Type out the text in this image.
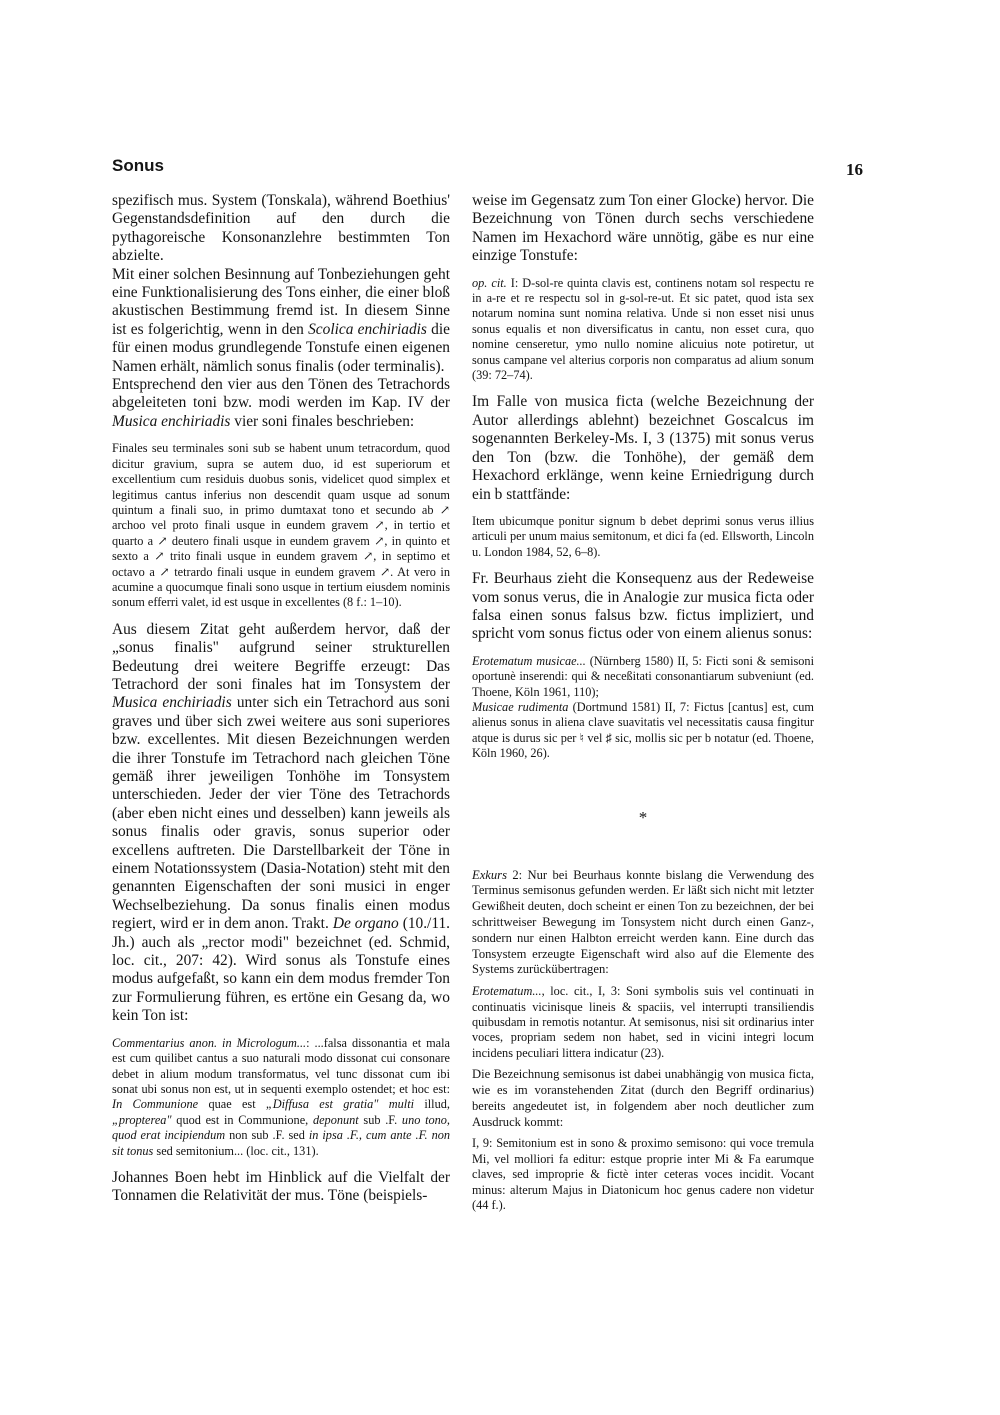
Sonus	16

spezifisch mus. System (Tonskala), während Boethius' Gegenstandsdefinition auf den durch die pythagoreische Konsonanzlehre bestimmten Ton abzielte.

Mit einer solchen Besinnung auf Tonbeziehungen geht eine Funktionalisierung des Tons einher, die einer bloß akustischen Bestimmung fremd ist. In diesem Sinne ist es folgerichtig, wenn in den Scolica enchiriadis die für einen modus grundlegende Tonstufe einen eigenen Namen erhält, nämlich sonus finalis (oder terminalis).

Entsprechend den vier aus den Tönen des Tetrachords abgeleiteten toni bzw. modi werden im Kap. IV der Musica enchiriadis vier soni finales beschrieben:

Finales seu terminales soni sub se habent unum tetracordum, quod dicitur gravium, supra se autem duo, id est superiorum et excellentium cum residuis duobus sonis, videlicet quod simplex et legitimus cantus inferius non descendit quam usque ad sonum quintum a finali suo, in primo dumtaxat tono et secundo ab ↗ archoo vel proto finali usque in eundem gravem ↗, in tertio et quarto a ↗ deutero finali usque in eundem gravem ↗, in quinto et sexto a ↗ trito finali usque in eundem gravem ↗, in septimo et octavo a ↗ tetrardo finali usque in eundem gravem ↗. At vero in acumine a quocumque finali sono usque in tertium eiusdem nominis sonum efferri valet, id est usque in excellentes (8 f.: 1–10).

Aus diesem Zitat geht außerdem hervor, daß der „sonus finalis" aufgrund seiner strukturellen Bedeutung drei weitere Begriffe erzeugt: Das Tetrachord der soni finales hat im Tonsystem der Musica enchiriadis unter sich ein Tetrachord aus soni graves und über sich zwei weitere aus soni superiores bzw. excellentes. Mit diesen Bezeichnungen werden die ihrer Tonstufe im Tetrachord nach gleichen Töne gemäß ihrer jeweiligen Tonhöhe im Tonsystem unterschieden. Jeder der vier Töne des Tetrachords (aber eben nicht eines und desselben) kann jeweils als sonus finalis oder gravis, sonus superior oder excellens auftreten. Die Darstellbarkeit der Töne in einem Notationssystem (Dasia-Notation) steht mit den genannten Eigenschaften der soni musici in enger Wechselbeziehung. Da sonus finalis einen modus regiert, wird er in dem anon. Trakt. De organo (10./11. Jh.) auch als „rector modi" bezeichnet (ed. Schmid, loc. cit., 207: 42). Wird sonus als Tonstufe eines modus aufgefaßt, so kann ein dem modus fremder Ton zur Formulierung führen, es ertöne ein Gesang da, wo kein Ton ist:

Commentarius anon. in Micrologum...: ...falsa dissonantia et mala est cum quilibet cantus a suo naturali modo dissonat cui consonare debet in alium modum transformatus, vel tunc dissonat cum ibi sonat ubi sonus non est, ut in sequenti exemplo ostendet; et hoc est: In Communione quae est „Diffusa est gratia" multi illud, „propterea" quod est in Communione, deponunt sub .F. uno tono, quod erat incipiendum non sub .F. sed in ipsa .F., cum ante .F. non sit tonus sed semitonium... (loc. cit., 131).

Johannes Boen hebt im Hinblick auf die Vielfalt der Tonnamen die Relativität der mus. Töne (beispiels-

weise im Gegensatz zum Ton einer Glocke) hervor. Die Bezeichnung von Tönen durch sechs verschiedene Namen im Hexachord wäre unnötig, gäbe es nur eine einzige Tonstufe:

op. cit. I: D-sol-re quinta clavis est, continens notam sol respectu re in a-re et re respectu sol in g-sol-re-ut. Et sic patet, quod ista sex notarum nomina sunt nomina relativa. Unde si non esset nisi unus sonus equalis et non diversificatus in cantu, non esset cura, quo nomine censeretur, ymo nullo nomine alicuius note potiretur, ut sonus campane vel alterius corporis non comparatus ad alium sonum (39: 72–74).

Im Falle von musica ficta (welche Bezeichnung der Autor allerdings ablehnt) bezeichnet Goscalcus im sogenannten Berkeley-Ms. I, 3 (1375) mit sonus verus den Ton (bzw. die Tonhöhe), der gemäß dem Hexachord erklänge, wenn keine Erniedrigung durch ein b stattfände:

Item ubicumque ponitur signum b debet deprimi sonus verus illius articuli per unum maius semitonum, et dici fa (ed. Ellsworth, Lincoln u. London 1984, 52, 6–8).

Fr. Beurhaus zieht die Konsequenz aus der Redeweise vom sonus verus, die in Analogie zur musica ficta oder falsa einen sonus falsus bzw. fictus impliziert, und spricht vom sonus fictus oder von einem alienus sonus:

Erotematum musicae... (Nürnberg 1580) II, 5: Ficti soni & semisoni oportunè inserendi: qui & neceßitati consonantiarum subveniunt (ed. Thoene, Köln 1961, 110);

Musicae rudimenta (Dortmund 1581) II, 7: Fictus [cantus] est, cum alienus sonus in aliena clave suavitatis vel necessitatis causa fingitur atque is durus sic per ♮ vel ♯ sic, mollis sic per b notatur (ed. Thoene, Köln 1960, 26).

*

Exkurs 2: Nur bei Beurhaus konnte bislang die Verwendung des Terminus semisonus gefunden werden. Er läßt sich nicht mit letzter Gewißheit deuten, doch scheint er einen Ton zu bezeichnen, der bei schrittweiser Bewegung im Tonsystem nicht durch einen Ganz-, sondern nur einen Halbton erreicht werden kann. Eine durch das Tonsystem erzeugte Eigenschaft wird also auf die Elemente des Systems zurückübertragen:

Erotematum..., loc. cit., I, 3: Soni symbolis suis vel continuati in continuatis vicinisque lineis & spaciis, vel interrupti transiliendis quibusdam in remotis notantur. At semisonus, nisi sit ordinarius inter voces, propriam sedem non habet, sed in vicini integri locum incidens peculiari littera indicatur (23).

Die Bezeichnung semisonus ist dabei unabhängig von musica ficta, wie es im voranstehenden Zitat (durch den Begriff ordinarius) bereits angedeutet ist, in folgendem aber noch deutlicher zum Ausdruck kommt:

I, 9: Semitonium est in sono & proximo semisono: qui voce tremula Mi, vel molliori fa editur: estque proprie inter Mi & Fa earumque claves, sed improprie & fictè inter ceteras voces incidit. Vocant minus: alterum Majus in Diatonicum hoc genus cadere non videtur (44 f.).
